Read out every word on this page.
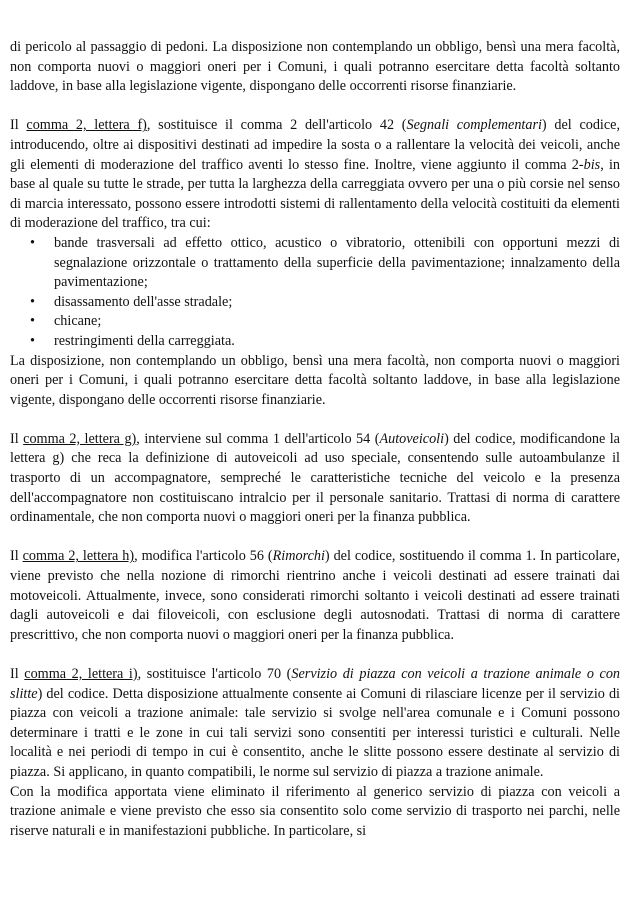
di pericolo al passaggio di pedoni. La disposizione non contemplando un obbligo, bensì una mera facoltà, non comporta nuovi o maggiori oneri per i Comuni, i quali potranno esercitare detta facoltà soltanto laddove, in base alla legislazione vigente, dispongano delle occorrenti risorse finanziarie.

Il comma 2, lettera f), sostituisce il comma 2 dell'articolo 42 (Segnali complementari) del codice, introducendo, oltre ai dispositivi destinati ad impedire la sosta o a rallentare la velocità dei veicoli, anche gli elementi di moderazione del traffico aventi lo stesso fine. Inoltre, viene aggiunto il comma 2-bis, in base al quale su tutte le strade, per tutta la larghezza della carreggiata ovvero per una o più corsie nel senso di marcia interessato, possono essere introdotti sistemi di rallentamento della velocità costituiti da elementi di moderazione del traffico, tra cui:

• bande trasversali ad effetto ottico, acustico o vibratorio, ottenibili con opportuni mezzi di segnalazione orizzontale o trattamento della superficie della pavimentazione; innalzamento della pavimentazione;
• disassamento dell'asse stradale;
• chicane;
• restringimenti della carreggiata.

La disposizione, non contemplando un obbligo, bensì una mera facoltà, non comporta nuovi o maggiori oneri per i Comuni, i quali potranno esercitare detta facoltà soltanto laddove, in base alla legislazione vigente, dispongano delle occorrenti risorse finanziarie.

Il comma 2, lettera g), interviene sul comma 1 dell'articolo 54 (Autoveicoli) del codice, modificandone la lettera g) che reca la definizione di autoveicoli ad uso speciale, consentendo sulle autoambulanze il trasporto di un accompagnatore, sempreché le caratteristiche tecniche del veicolo e la presenza dell'accompagnatore non costituiscano intralcio per il personale sanitario. Trattasi di norma di carattere ordinamentale, che non comporta nuovi o maggiori oneri per la finanza pubblica.

Il comma 2, lettera h), modifica l'articolo 56 (Rimorchi) del codice, sostituendo il comma 1. In particolare, viene previsto che nella nozione di rimorchi rientrino anche i veicoli destinati ad essere trainati dai motoveicoli. Attualmente, invece, sono considerati rimorchi soltanto i veicoli destinati ad essere trainati dagli autoveicoli e dai filoveicoli, con esclusione degli autosnodati. Trattasi di norma di carattere prescrittivo, che non comporta nuovi o maggiori oneri per la finanza pubblica.

Il comma 2, lettera i), sostituisce l'articolo 70 (Servizio di piazza con veicoli a trazione animale o con slitte) del codice. Detta disposizione attualmente consente ai Comuni di rilasciare licenze per il servizio di piazza con veicoli a trazione animale: tale servizio si svolge nell'area comunale e i Comuni possono determinare i tratti e le zone in cui tali servizi sono consentiti per interessi turistici e culturali. Nelle località e nei periodi di tempo in cui è consentito, anche le slitte possono essere destinate al servizio di piazza. Si applicano, in quanto compatibili, le norme sul servizio di piazza a trazione animale.

Con la modifica apportata viene eliminato il riferimento al generico servizio di piazza con veicoli a trazione animale e viene previsto che esso sia consentito solo come servizio di trasporto nei parchi, nelle riserve naturali e in manifestazioni pubbliche. In particolare, si
